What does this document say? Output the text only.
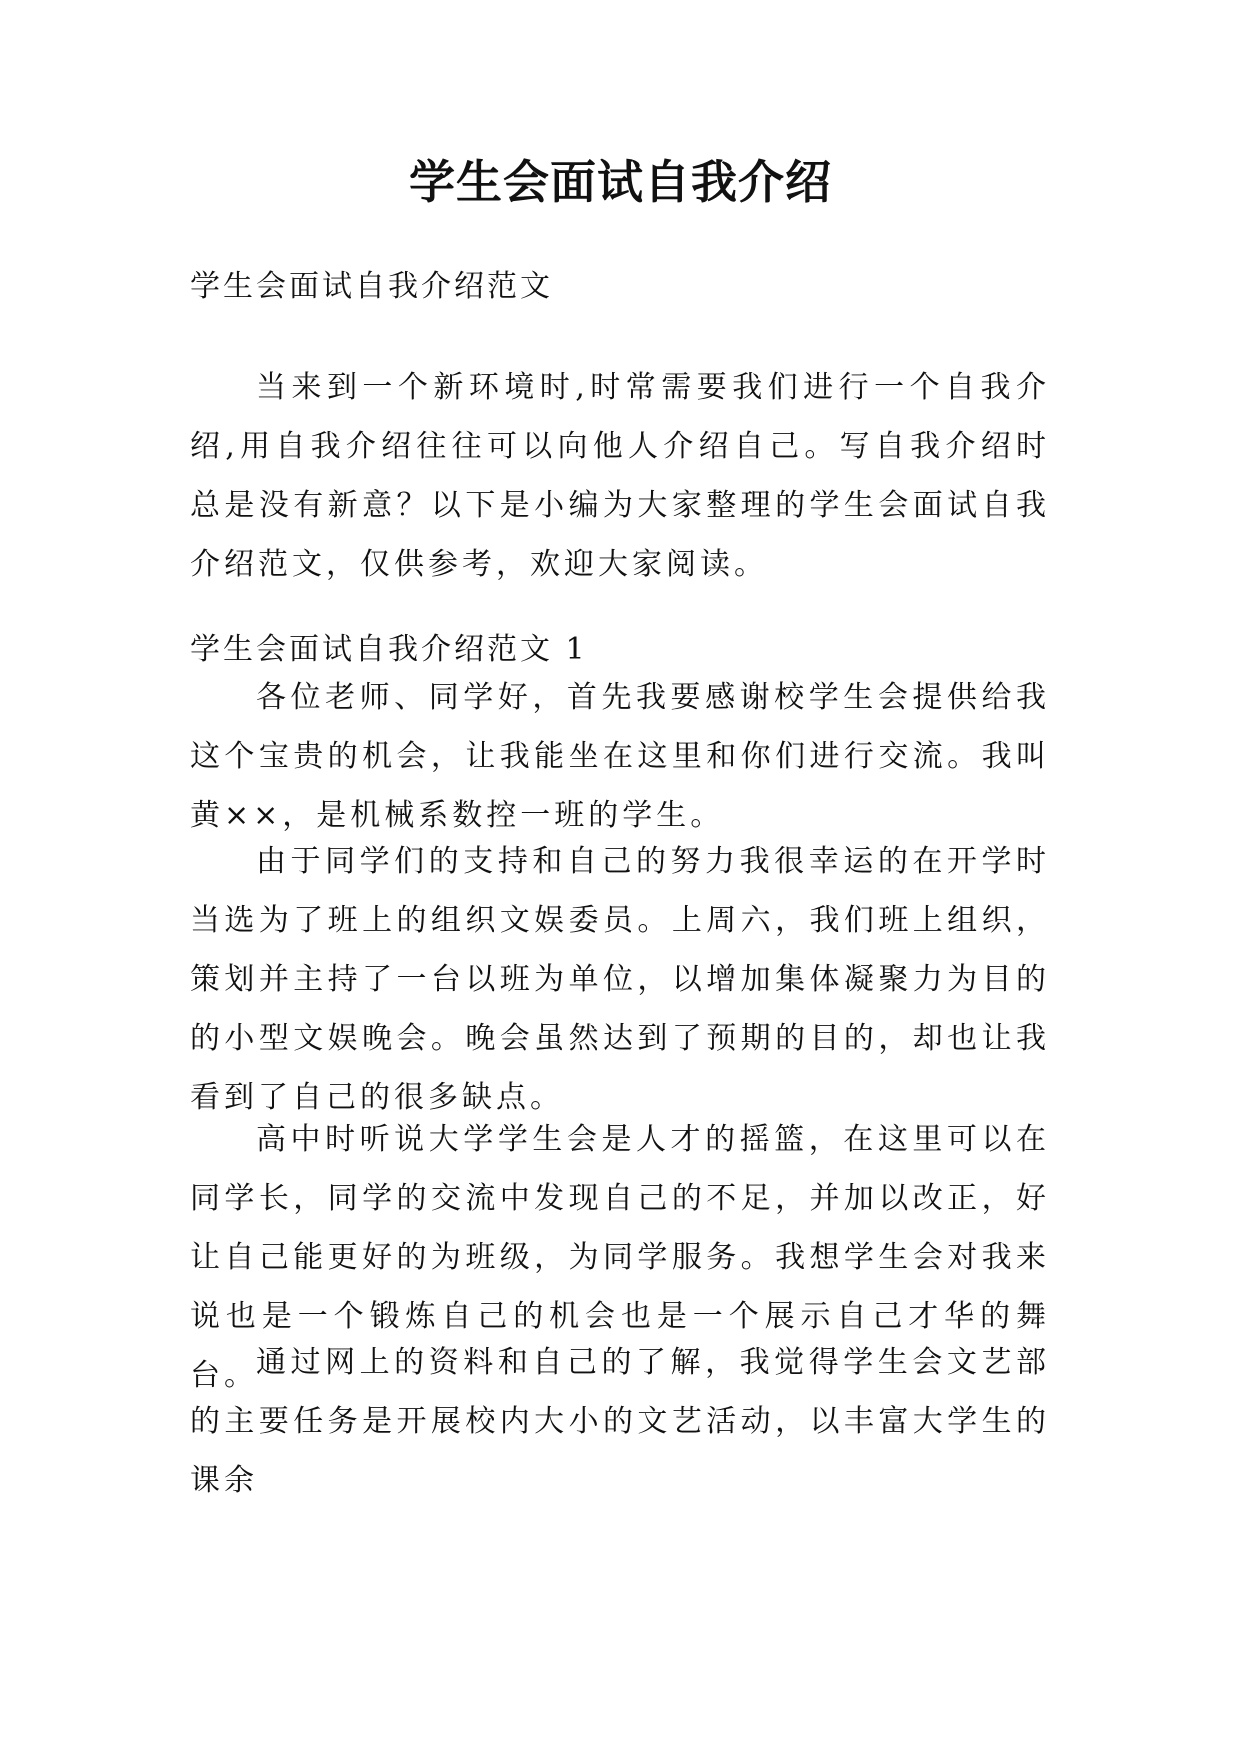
学生会面试自我介绍

学生会面试自我介绍范文

当来到一个新环境时,时常需要我们进行一个自我介绍,用自我介绍往往可以向他人介绍自己。写自我介绍时总是没有新意？以下是小编为大家整理的学生会面试自我介绍范文，仅供参考，欢迎大家阅读。

学生会面试自我介绍范文 1

各位老师、同学好，首先我要感谢校学生会提供给我这个宝贵的机会，让我能坐在这里和你们进行交流。我叫黄××，是机械系数控一班的学生。

由于同学们的支持和自己的努力我很幸运的在开学时当选为了班上的组织文娱委员。上周六，我们班上组织，策划并主持了一台以班为单位，以增加集体凝聚力为目的的小型文娱晚会。晚会虽然达到了预期的目的，却也让我看到了自己的很多缺点。

高中时听说大学学生会是人才的摇篮，在这里可以在同学长，同学的交流中发现自己的不足，并加以改正，好让自己能更好的为班级，为同学服务。我想学生会对我来说也是一个锻炼自己的机会也是一个展示自己才华的舞台。

通过网上的资料和自己的了解，我觉得学生会文艺部的主要任务是开展校内大小的文艺活动，以丰富大学生的课余
